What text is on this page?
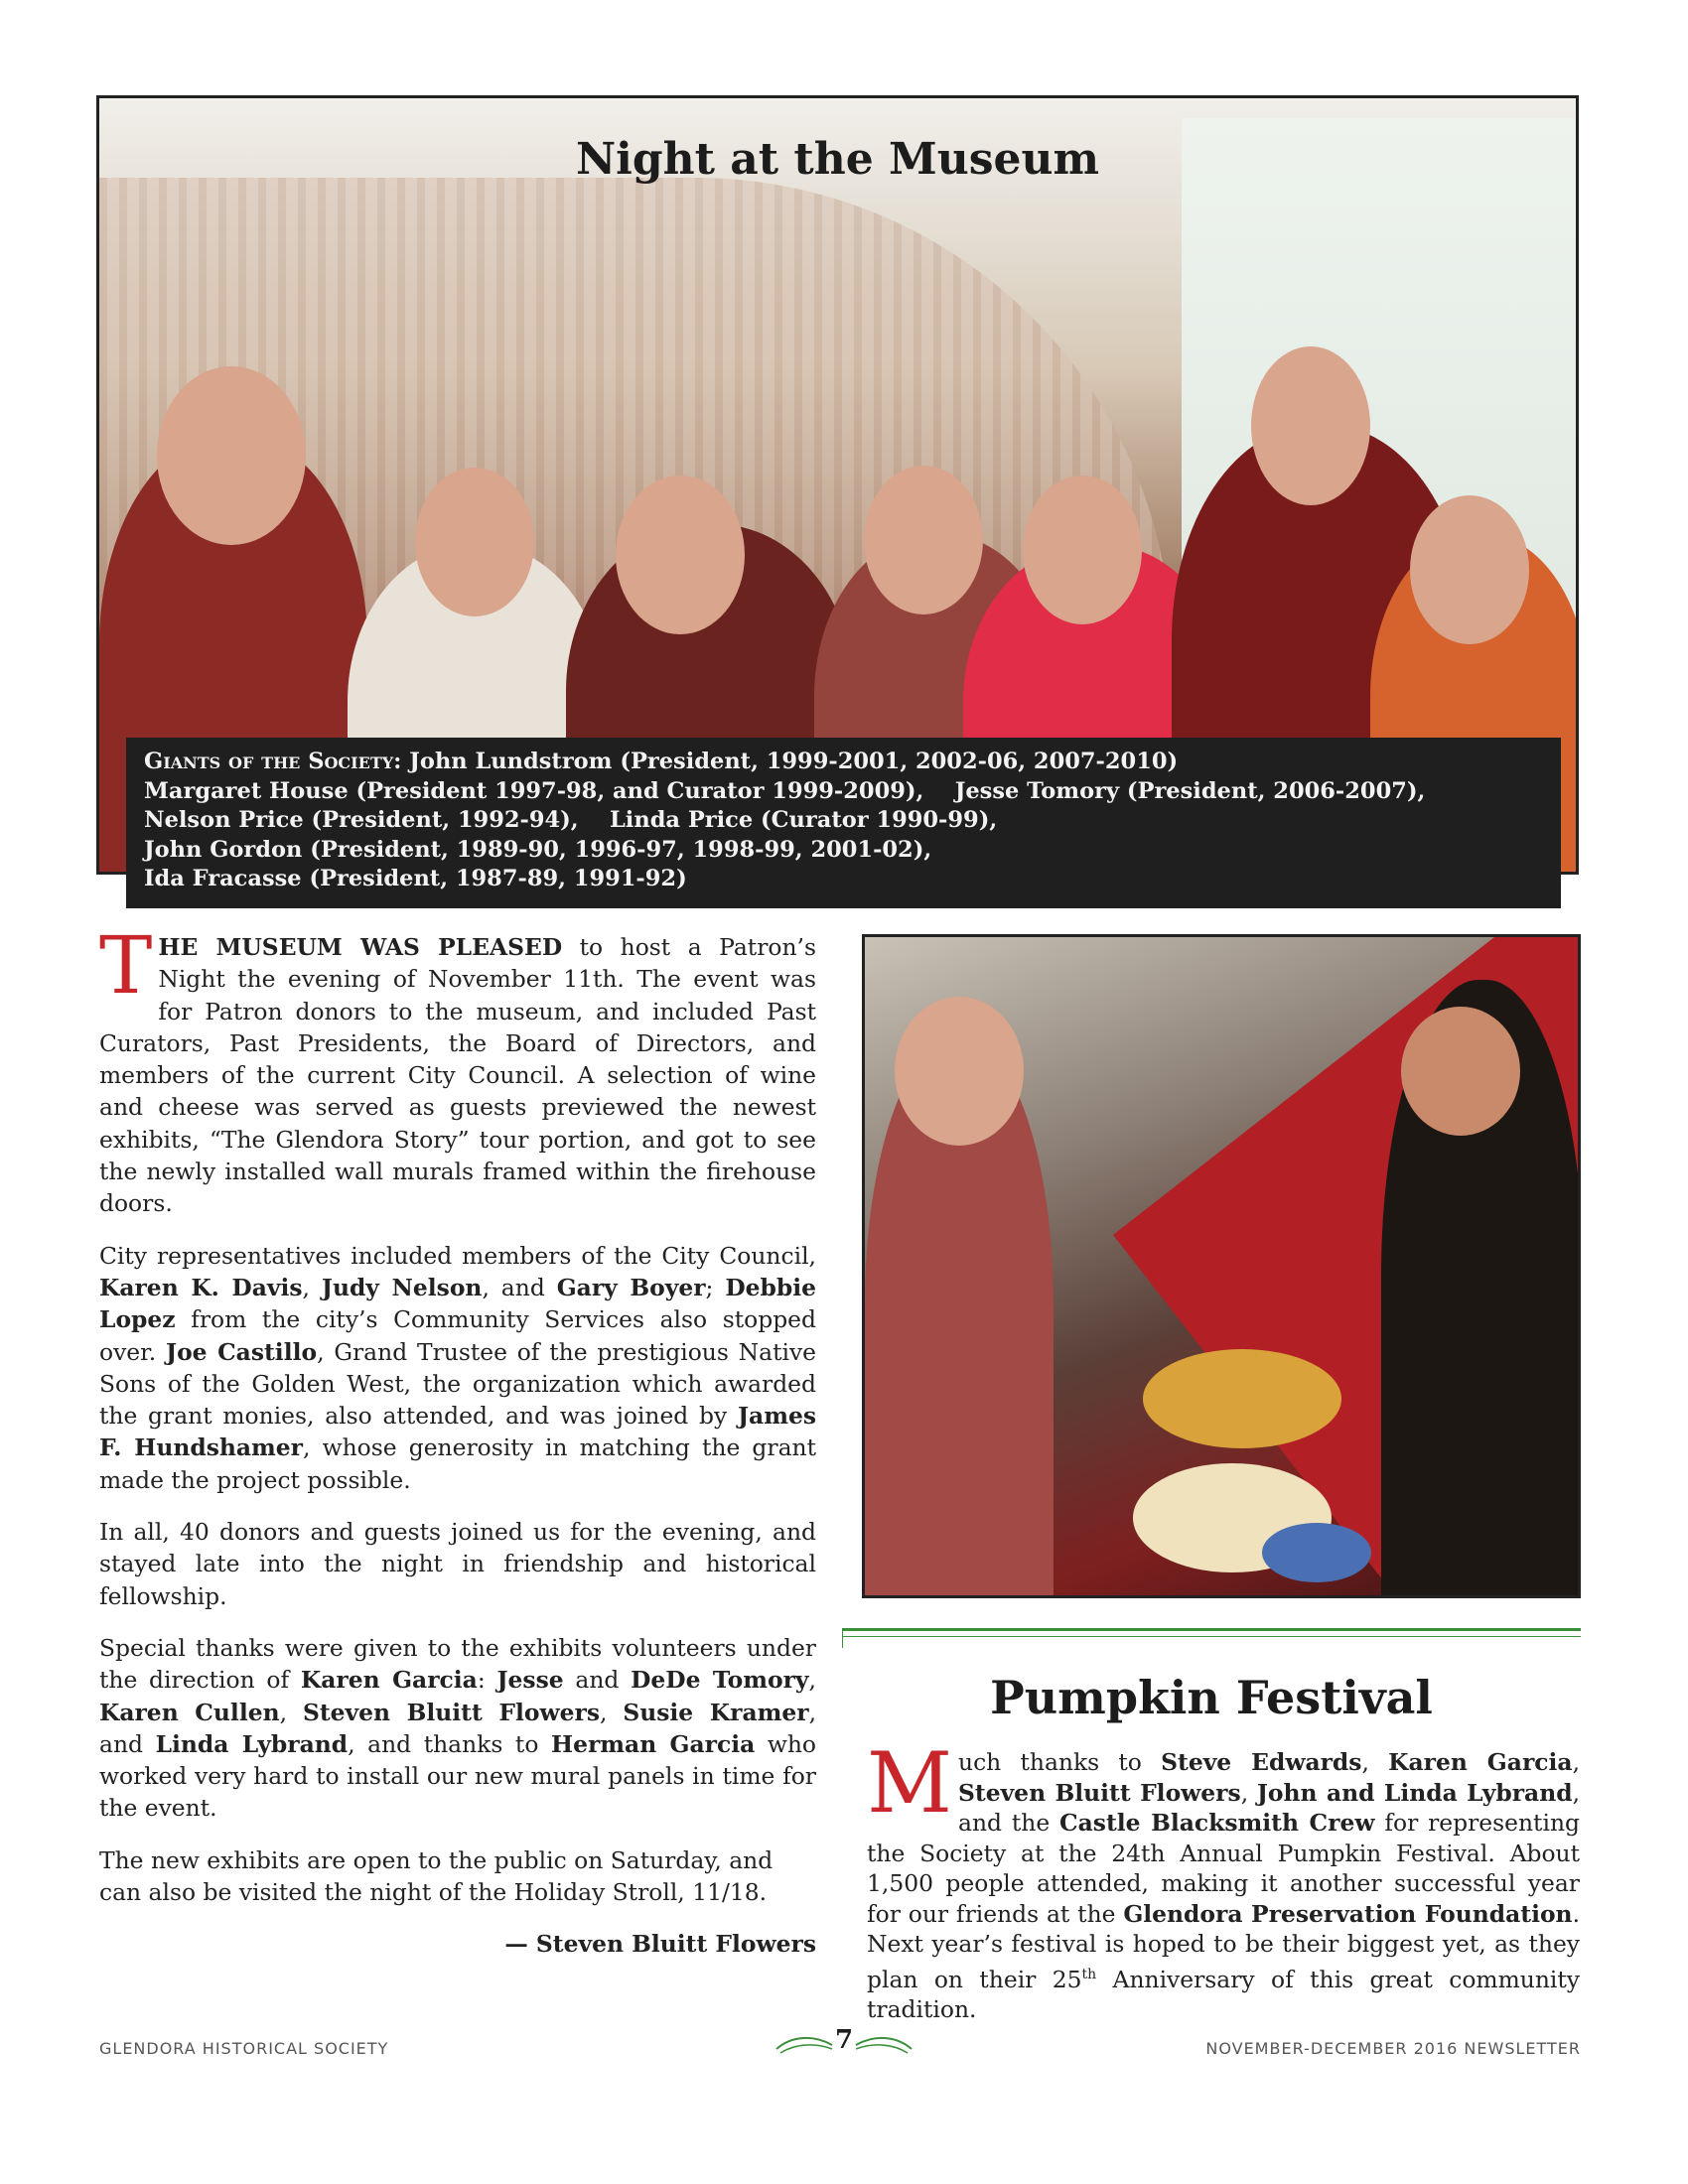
Night at the Museum
Giants of the Society: John Lundstrom (President, 1999-2001, 2002-06, 2007-2010)
Margaret House (President 1997-98, and Curator 1999-2009),    Jesse Tomory (President, 2006-2007),
Nelson Price (President, 1992-94),    Linda Price (Curator 1990-99),
John Gordon (President, 1989-90, 1996-97, 1998-99, 2001-02),
Ida Fracasse (President, 1987-89, 1991-92)

THE MUSEUM WAS PLEASED to host a Patron’s Night the evening of November 11th. The event was for Patron donors to the museum, and included Past Curators, Past Presidents, the Board of Directors, and members of the current City Council. A selection of wine and cheese was served as guests previewed the newest exhibits, “The Glendora Story” tour portion, and got to see the newly installed wall murals framed within the firehouse doors.

City representatives included members of the City Council, Karen K. Davis, Judy Nelson, and Gary Boyer; Debbie Lopez from the city’s Community Services also stopped over. Joe Castillo, Grand Trustee of the prestigious Native Sons of the Golden West, the organization which awarded the grant monies, also attended, and was joined by James F. Hundshamer, whose generosity in matching the grant made the project possible.

In all, 40 donors and guests joined us for the evening, and stayed late into the night in friendship and historical fellowship.

Special thanks were given to the exhibits volunteers under the direction of Karen Garcia: Jesse and DeDe Tomory, Karen Cullen, Steven Bluitt Flowers, Susie Kramer, and Linda Lybrand, and thanks to Herman Garcia who worked very hard to install our new mural panels in time for the event.

The new exhibits are open to the public on Saturday, and can also be visited the night of the Holiday Stroll, 11/18.

— Steven Bluitt Flowers
Pumpkin Festival
Much thanks to Steve Edwards, Karen Garcia, Steven Bluitt Flowers, John and Linda Lybrand, and the Castle Blacksmith Crew for representing the Society at the 24th Annual Pumpkin Festival. About 1,500 people attended, making it another successful year for our friends at the Glendora Preservation Foundation. Next year’s festival is hoped to be their biggest yet, as they plan on their 25th Anniversary of this great community tradition.
GLENDORA HISTORICAL SOCIETY	7	NOVEMBER-DECEMBER 2016 NEWSLETTER
